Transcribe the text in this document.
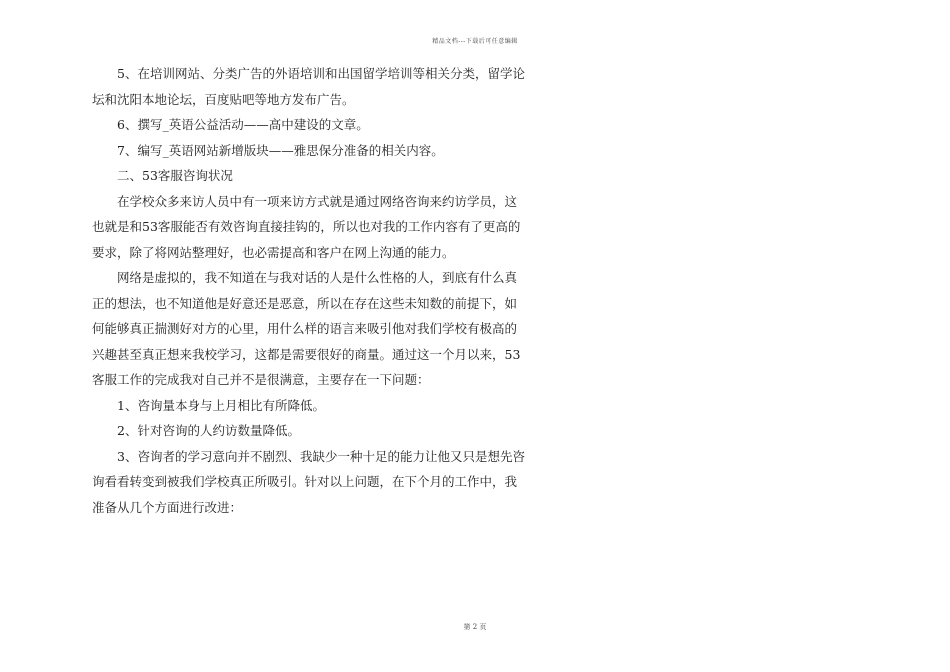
精品文档---下载后可任意编辑

　　5、在培训网站、分类广告的外语培训和出国留学培训等相关分类，留学论

坛和沈阳本地论坛，百度贴吧等地方发布广告。

　　6、撰写_英语公益活动——高中建设的文章。

　　7、编写_英语网站新增版块——雅思保分准备的相关内容。

　　二、53客服咨询状况

　　在学校众多来访人员中有一项来访方式就是通过网络咨询来约访学员，这

也就是和53客服能否有效咨询直接挂钩的，所以也对我的工作内容有了更高的

要求，除了将网站整理好，也必需提高和客户在网上沟通的能力。

　　网络是虚拟的，我不知道在与我对话的人是什么性格的人，到底有什么真

正的想法，也不知道他是好意还是恶意，所以在存在这些未知数的前提下，如

何能够真正揣测好对方的心里，用什么样的语言来吸引他对我们学校有极高的

兴趣甚至真正想来我校学习，这都是需要很好的商量。通过这一个月以来，53

客服工作的完成我对自己并不是很满意，主要存在一下问题：

　　1、咨询量本身与上月相比有所降低。

　　2、针对咨询的人约访数量降低。

　　3、咨询者的学习意向并不剧烈、我缺少一种十足的能力让他又只是想先咨

询看看转变到被我们学校真正所吸引。针对以上问题，在下个月的工作中，我

准备从几个方面进行改进：

第 2 页
